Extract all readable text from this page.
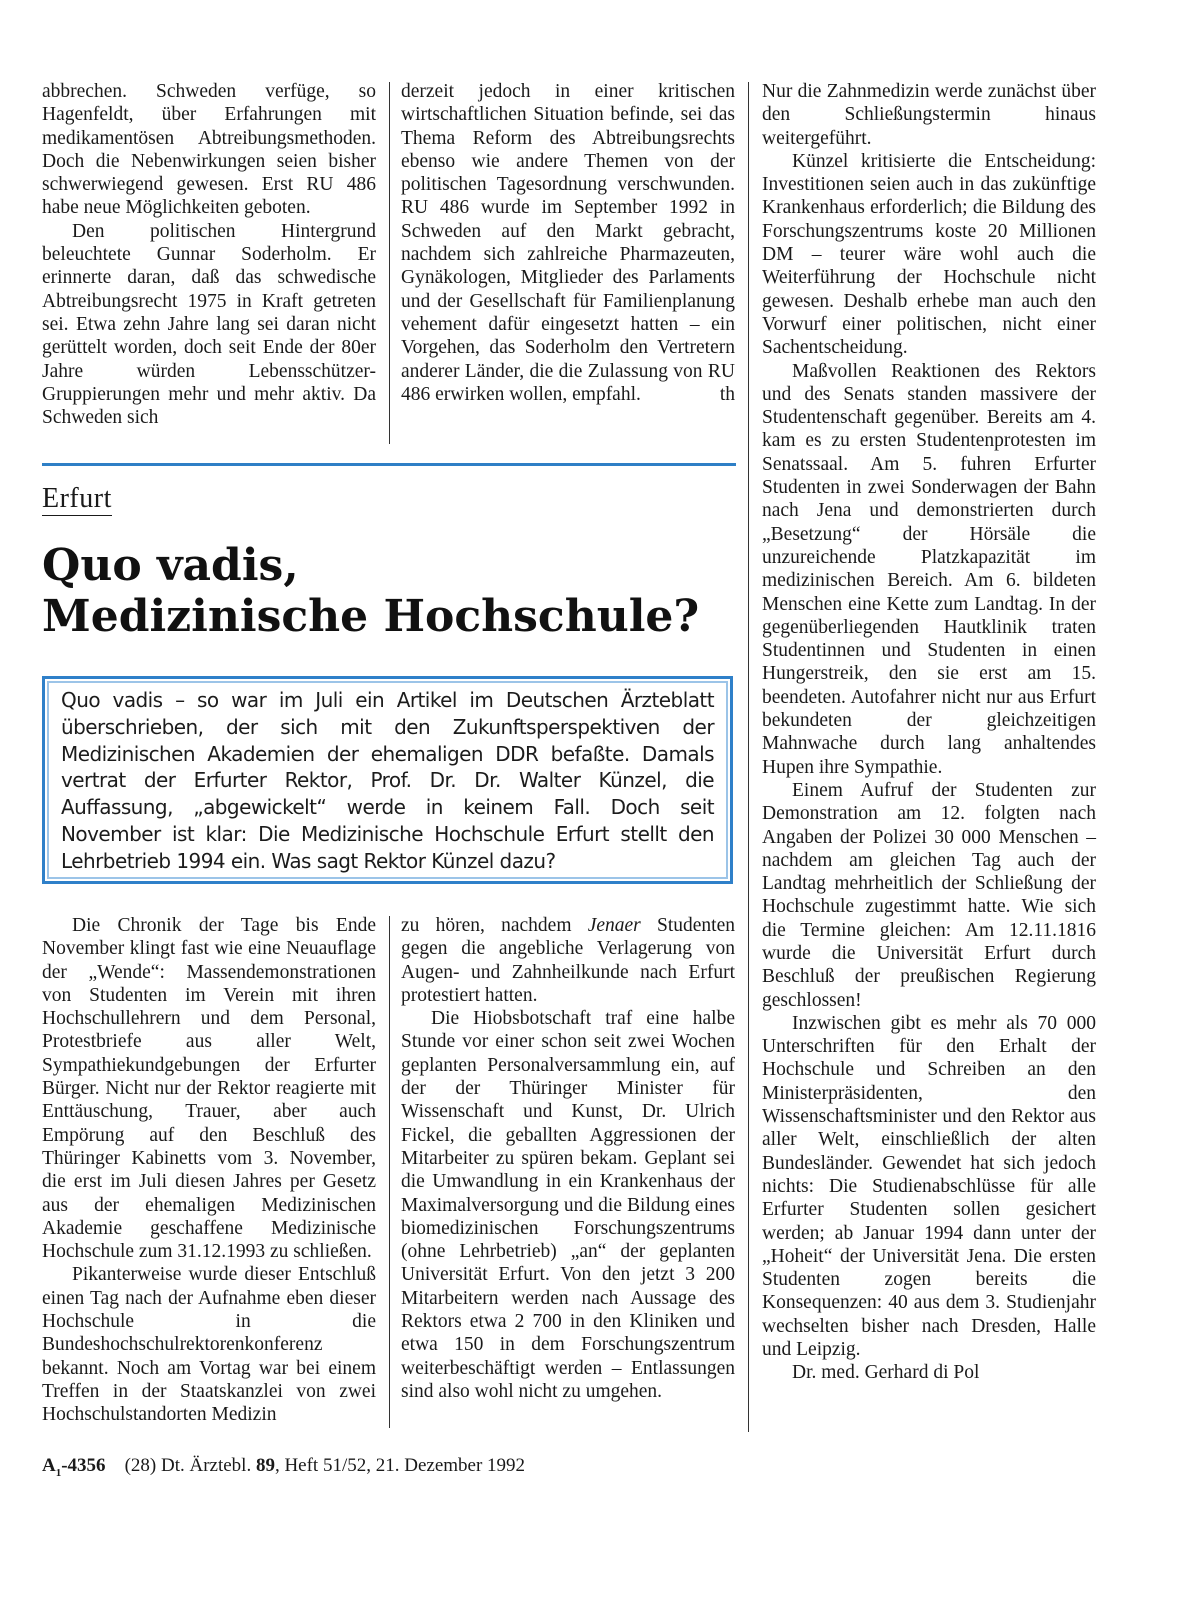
abbrechen. Schweden verfüge, so Hagenfeldt, über Erfahrungen mit medikamentösen Abtreibungsmethoden. Doch die Nebenwirkungen seien bisher schwerwiegend gewesen. Erst RU 486 habe neue Möglichkeiten geboten.

Den politischen Hintergrund beleuchtete Gunnar Soderholm. Er erinnerte daran, daß das schwedische Abtreibungsrecht 1975 in Kraft getreten sei. Etwa zehn Jahre lang sei daran nicht gerüttelt worden, doch seit Ende der 80er Jahre würden Lebensschützer-Gruppierungen mehr und mehr aktiv. Da Schweden sich

derzeit jedoch in einer kritischen wirtschaftlichen Situation befinde, sei das Thema Reform des Abtreibungsrechts ebenso wie andere Themen von der politischen Tagesordnung verschwunden. RU 486 wurde im September 1992 in Schweden auf den Markt gebracht, nachdem sich zahlreiche Pharmazeuten, Gynäkologen, Mitglieder des Parlaments und der Gesellschaft für Familienplanung vehement dafür eingesetzt hatten – ein Vorgehen, das Soderholm den Vertretern anderer Länder, die die Zulassung von RU 486 erwirken wollen, empfahl.	th
Erfurt
Quo vadis,
Medizinische Hochschule?

Quo vadis – so war im Juli ein Artikel im Deutschen Ärzteblatt überschrieben, der sich mit den Zukunftsperspektiven der Medizinischen Akademien der ehemaligen DDR befaßte. Damals vertrat der Erfurter Rektor, Prof. Dr. Dr. Walter Künzel, die Auffassung, „abgewickelt“ werde in keinem Fall. Doch seit November ist klar: Die Medizinische Hochschule Erfurt stellt den Lehrbetrieb 1994 ein. Was sagt Rektor Künzel dazu?

Die Chronik der Tage bis Ende November klingt fast wie eine Neuauflage der „Wende“: Massendemonstrationen von Studenten im Verein mit ihren Hochschullehrern und dem Personal, Protestbriefe aus aller Welt, Sympathiekundgebungen der Erfurter Bürger. Nicht nur der Rektor reagierte mit Enttäuschung, Trauer, aber auch Empörung auf den Beschluß des Thüringer Kabinetts vom 3. November, die erst im Juli diesen Jahres per Gesetz aus der ehemaligen Medizinischen Akademie geschaffene Medizinische Hochschule zum 31.12.1993 zu schließen.

Pikanterweise wurde dieser Entschluß einen Tag nach der Aufnahme eben dieser Hochschule in die Bundeshochschulrektorenkonferenz bekannt. Noch am Vortag war bei einem Treffen in der Staatskanzlei von zwei Hochschulstandorten Medizin

zu hören, nachdem Jenaer Studenten gegen die angebliche Verlagerung von Augen- und Zahnheilkunde nach Erfurt protestiert hatten.

Die Hiobsbotschaft traf eine halbe Stunde vor einer schon seit zwei Wochen geplanten Personalversammlung ein, auf der der Thüringer Minister für Wissenschaft und Kunst, Dr. Ulrich Fickel, die geballten Aggressionen der Mitarbeiter zu spüren bekam. Geplant sei die Umwandlung in ein Krankenhaus der Maximalversorgung und die Bildung eines biomedizinischen Forschungszentrums (ohne Lehrbetrieb) „an“ der geplanten Universität Erfurt. Von den jetzt 3 200 Mitarbeitern werden nach Aussage des Rektors etwa 2 700 in den Kliniken und etwa 150 in dem Forschungszentrum weiterbeschäftigt werden – Entlassungen sind also wohl nicht zu umgehen.

Nur die Zahnmedizin werde zunächst über den Schließungstermin hinaus weitergeführt.

Künzel kritisierte die Entscheidung: Investitionen seien auch in das zukünftige Krankenhaus erforderlich; die Bildung des Forschungszentrums koste 20 Millionen DM – teurer wäre wohl auch die Weiterführung der Hochschule nicht gewesen. Deshalb erhebe man auch den Vorwurf einer politischen, nicht einer Sachentscheidung.

Maßvollen Reaktionen des Rektors und des Senats standen massivere der Studentenschaft gegenüber. Bereits am 4. kam es zu ersten Studentenprotesten im Senatssaal. Am 5. fuhren Erfurter Studenten in zwei Sonderwagen der Bahn nach Jena und demonstrierten durch „Besetzung“ der Hörsäle die unzureichende Platzkapazität im medizinischen Bereich. Am 6. bildeten Menschen eine Kette zum Landtag. In der gegenüberliegenden Hautklinik traten Studentinnen und Studenten in einen Hungerstreik, den sie erst am 15. beendeten. Autofahrer nicht nur aus Erfurt bekundeten der gleichzeitigen Mahnwache durch lang anhaltendes Hupen ihre Sympathie.

Einem Aufruf der Studenten zur Demonstration am 12. folgten nach Angaben der Polizei 30 000 Menschen – nachdem am gleichen Tag auch der Landtag mehrheitlich der Schließung der Hochschule zugestimmt hatte. Wie sich die Termine gleichen: Am 12.11.1816 wurde die Universität Erfurt durch Beschluß der preußischen Regierung geschlossen!

Inzwischen gibt es mehr als 70 000 Unterschriften für den Erhalt der Hochschule und Schreiben an den Ministerpräsidenten, den Wissenschaftsminister und den Rektor aus aller Welt, einschließlich der alten Bundesländer. Gewendet hat sich jedoch nichts: Die Studienabschlüsse für alle Erfurter Studenten sollen gesichert werden; ab Januar 1994 dann unter der „Hoheit“ der Universität Jena. Die ersten Studenten zogen bereits die Konsequenzen: 40 aus dem 3. Studienjahr wechselten bisher nach Dresden, Halle und Leipzig.

Dr. med. Gerhard di Pol

$A_1-4356$ (28) Dt. Ärztebl. 89, Heft 51/52, 21. Dezember 1992
